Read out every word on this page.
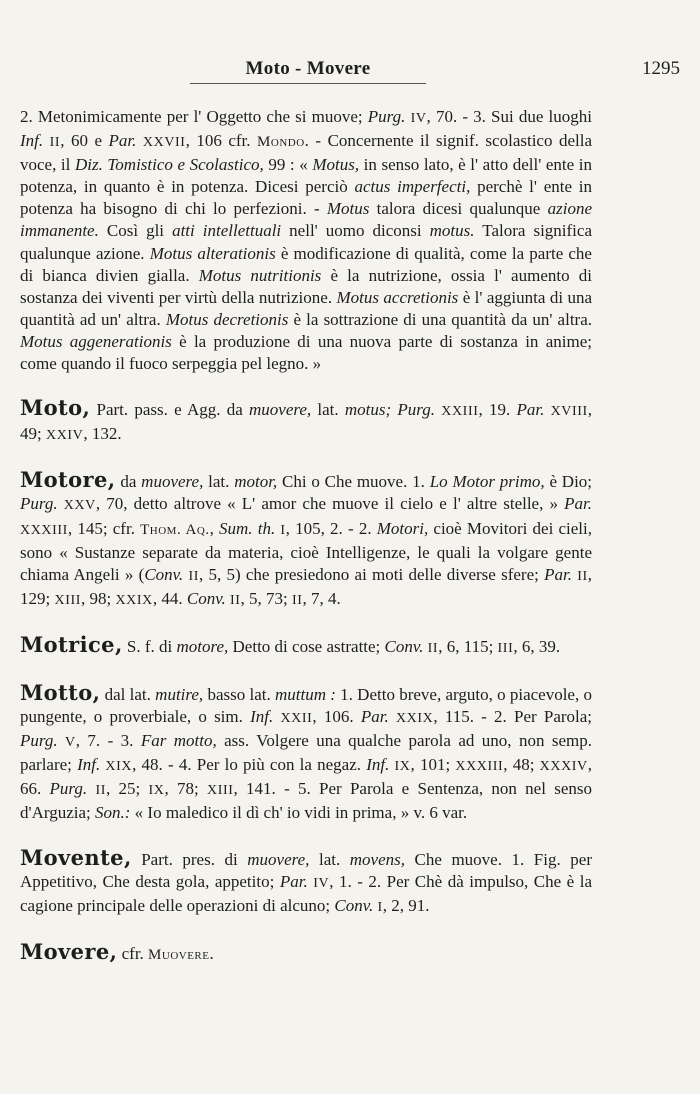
Moto - Movere	1295

2. Metonimicamente per l' Oggetto che si muove; Purg. IV, 70. - 3. Sui due luoghi Inf. II, 60 e Par. XXVII, 106 cfr. Mondo. - Concernente il signif. scolastico della voce, il Diz. Tomistico e Scolastico, 99 : « Motus, in senso lato, è l' atto dell' ente in potenza, in quanto è in potenza. Dicesi perciò actus imperfecti, perchè l' ente in potenza ha bisogno di chi lo perfezioni. - Motus talora dicesi qualunque azione immanente. Così gli atti intellettuali nell' uomo diconsi motus. Talora significa qualunque azione. Motus alterationis è modificazione di qualità, come la parte che di bianca divien gialla. Motus nutritionis è la nutrizione, ossia l' aumento di sostanza dei viventi per virtù della nutrizione. Motus accretionis è l' aggiunta di una quantità ad un' altra. Motus decretionis è la sottrazione di una quantità da un' altra. Motus aggenerationis è la produzione di una nuova parte di sostanza in anime; come quando il fuoco serpeggia pel legno. »

Moto, Part. pass. e Agg. da muovere, lat. motus; Purg. XXIII, 19. Par. XVIII, 49; XXIV, 132.

Motore, da muovere, lat. motor, Chi o Che muove. 1. Lo Motor primo, è Dio; Purg. XXV, 70, detto altrove « L' amor che muove il cielo e l' altre stelle, » Par. XXXIII, 145; cfr. Thom. Aq., Sum. th. I, 105, 2. - 2. Motori, cioè Movitori dei cieli, sono « Sustanze separate da materia, cioè Intelligenze, le quali la volgare gente chiama Angeli » (Conv. II, 5, 5) che presiedono ai moti delle diverse sfere; Par. II, 129; XIII, 98; XXIX, 44. Conv. II, 5, 73; II, 7, 4.

Motrice, S. f. di motore, Detto di cose astratte; Conv. II, 6, 115; III, 6, 39.

Motto, dal lat. mutire, basso lat. muttum : 1. Detto breve, arguto, o piacevole, o pungente, o proverbiale, o sim. Inf. XXII, 106. Par. XXIX, 115. - 2. Per Parola; Purg. V, 7. - 3. Far motto, ass. Volgere una qualche parola ad uno, non semp. parlare; Inf. XIX, 48. - 4. Per lo più con la negaz. Inf. IX, 101; XXXIII, 48; XXXIV, 66. Purg. II, 25; IX, 78; XIII, 141. - 5. Per Parola e Sentenza, non nel senso d'Arguzia; Son.: « Io maledico il dì ch' io vidi in prima, » v. 6 var.

Movente, Part. pres. di muovere, lat. movens, Che muove. 1. Fig. per Appetitivo, Che desta gola, appetito; Par. IV, 1. - 2. Per Chè dà impulso, Che è la cagione principale delle operazioni di alcuno; Conv. I, 2, 91.

Movere, cfr. Muovere.
